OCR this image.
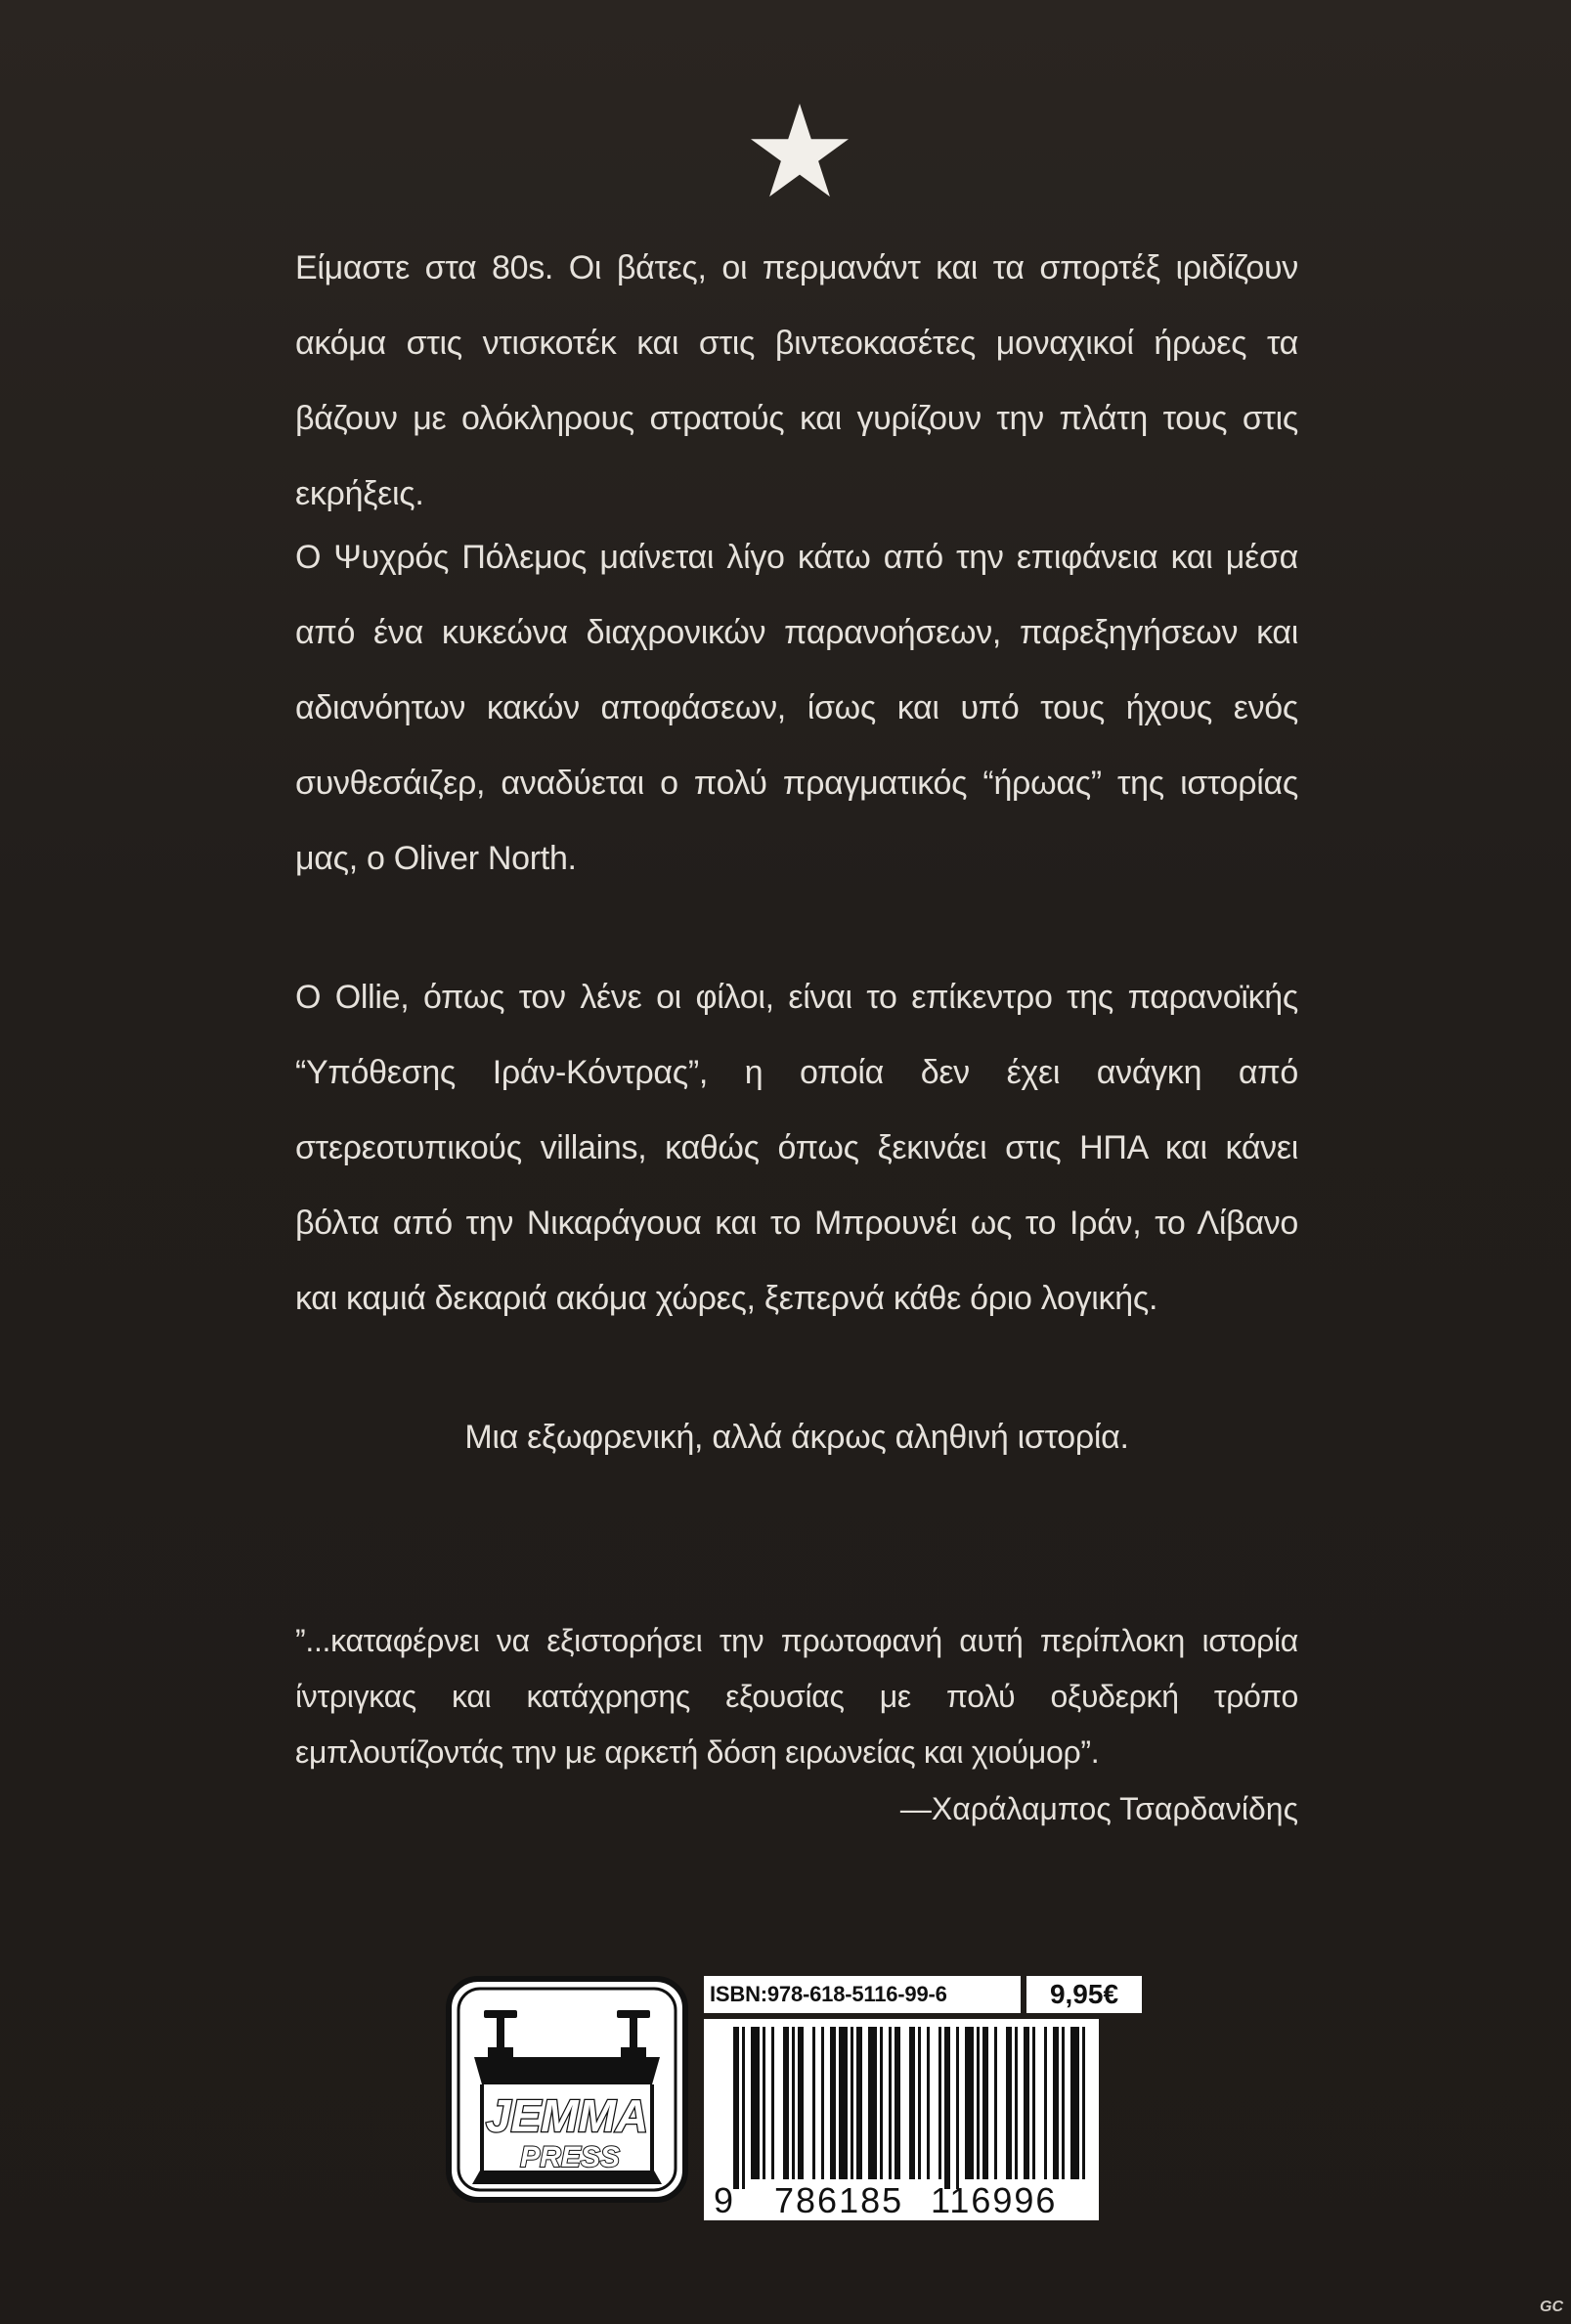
Είμαστε στα 80s. Οι βάτες, οι περμανάντ και τα σπορτέξ ιριδίζουν ακόμα στις ντισκοτέκ και στις βιντεοκασέτες μοναχικοί ήρωες τα βάζουν με ολόκληρους στρατούς και γυρίζουν την πλάτη τους στις εκρήξεις.
Ο Ψυχρός Πόλεμος μαίνεται λίγο κάτω από την επιφάνεια και μέσα από ένα κυκεώνα διαχρονικών παρανοήσεων, παρεξηγήσεων και αδιανόητων κακών αποφάσεων, ίσως και υπό τους ήχους ενός συνθεσάιζερ, αναδύεται ο πολύ πραγματικός “ήρωας” της ιστορίας μας, ο Oliver North.
Ο Ollie, όπως τον λένε οι φίλοι, είναι το επίκεντρο της παρανοϊκής “Υπόθεσης Ιράν-Κόντρας”, η οποία δεν έχει ανάγκη από στερεοτυπικούς villains, καθώς όπως ξεκινάει στις ΗΠΑ και κάνει βόλτα από την Νικαράγουα και το Μπρουνέι ως το Ιράν, το Λίβανο και καμιά δεκαριά ακόμα χώρες, ξεπερνά κάθε όριο λογικής.
Μια εξωφρενική, αλλά άκρως αληθινή ιστορία.
”...καταφέρνει να εξιστορήσει την πρωτοφανή αυτή περίπλοκη ιστορία ίντριγκας και κατάχρησης εξουσίας με πολύ οξυδερκή τρόπο εμπλουτίζοντάς την με αρκετή δόση ειρωνείας και χιούμορ”.
—Χαράλαμπος Τσαρδανίδης
JEMMA
PRESS
ISBN:978-618-5116-99-6	9,95€
9 786185 116996
GC
